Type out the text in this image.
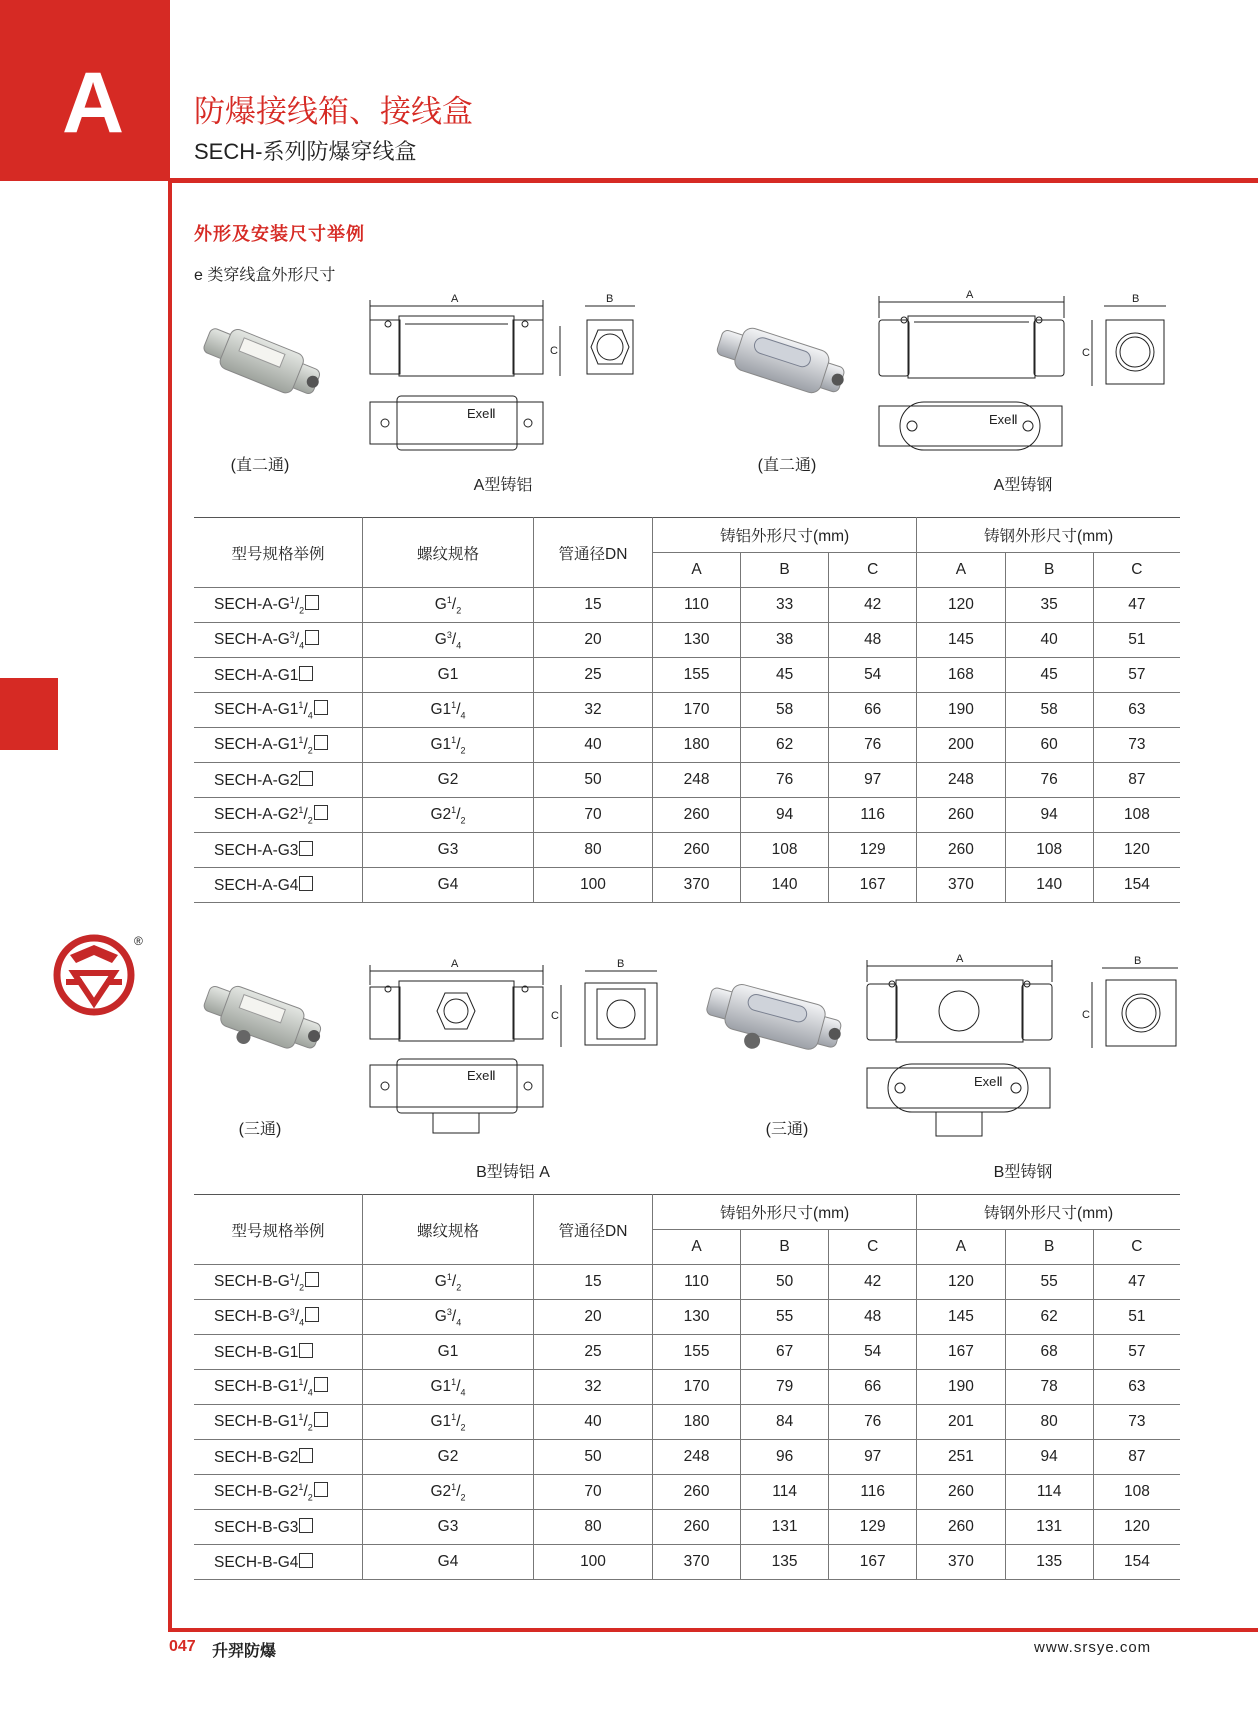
A	防爆接线箱、接线盒
SECH-系列防爆穿线盒
外形及安装尺寸举例
e 类穿线盒外形尺寸
®
(直二通)
A	B
C
ExeⅡ
A型铸铝
(直二通)
A	B
C
ExeⅡ
A型铸钢
型号规格举例	螺纹规格	管通径DN	铸铝外形尺寸(mm)			铸钢外形尺寸(mm)		
			A	B	C	A	B	C
SECH-$A-G^1/_2$	$G^1/_2$	15	110	33	42	120	35	47
SECH-$A-G^3/_4$	$G^3/_4$	20	130	38	48	145	40	51
SECH-A-G1	G1	25	155	45	54	168	45	57
SECH-$A-G1^1/_4$	$G1^1/_4$	32	170	58	66	190	58	63
SECH-$A-G1^1/_2$	$G1^1/_2$	40	180	62	76	200	60	73
SECH-A-G2	G2	50	248	76	97	248	76	87
SECH-$A-G2^1/_2$	$G2^1/_2$	70	260	94	116	260	94	108
SECH-A-G3	G3	80	260	108	129	260	108	120
SECH-A-G4	G4	100	370	140	167	370	140	154
(三通)
A	B
C
ExeⅡ
B型铸铝 A
(三通)
A	B
C
ExeⅡ
B型铸钢
型号规格举例	螺纹规格	管通径DN	铸铝外形尺寸(mm)			铸钢外形尺寸(mm)		
			A	B	C	A	B	C
SECH-$B-G^1/_2$	$G^1/_2$	15	110	50	42	120	55	47
SECH-$B-G^3/_4$	$G^3/_4$	20	130	55	48	145	62	51
SECH-B-G1	G1	25	155	67	54	167	68	57
SECH-$B-G1^1/_4$	$G1^1/_4$	32	170	79	66	190	78	63
SECH-$B-G1^1/_2$	$G1^1/_2$	40	180	84	76	201	80	73
SECH-B-G2	G2	50	248	96	97	251	94	87
SECH-$B-G2^1/_2$	$G2^1/_2$	70	260	114	116	260	114	108
SECH-B-G3	G3	80	260	131	129	260	131	120
SECH-B-G4	G4	100	370	135	167	370	135	154
047 升羿防爆	www.srsye.com
